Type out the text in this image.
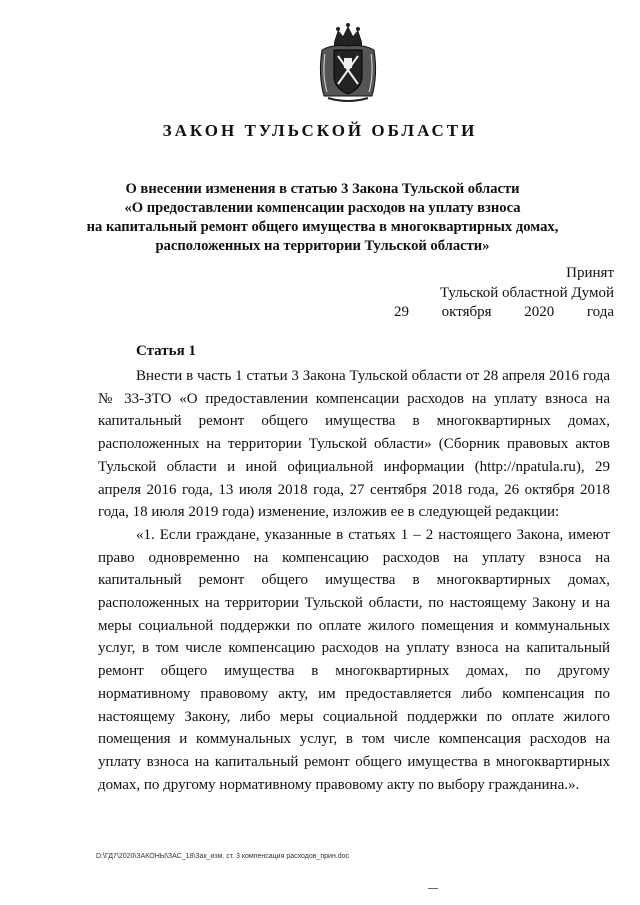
ЗАКОН ТУЛЬСКОЙ ОБЛАСТИ
О внесении изменения в статью 3 Закона Тульской области
«О предоставлении компенсации расходов на уплату взноса
на капитальный ремонт общего имущества в многоквартирных домах,
расположенных на территории Тульской области»
Принят
Тульской областной Думой
29 октября 2020 года
Статья 1

Внести в часть 1 статьи 3 Закона Тульской области от 28 апреля 2016 года № 33-ЗТО «О предоставлении компенсации расходов на уплату взноса на капитальный ремонт общего имущества в многоквартирных домах, расположенных на территории Тульской области» (Сборник правовых актов Тульской области и иной официальной информации (http://npatula.ru), 29 апреля 2016 года, 13 июля 2018 года, 27 сентября 2018 года, 26 октября 2018 года, 18 июля 2019 года) изменение, изложив ее в следующей редакции:

«1. Если граждане, указанные в статьях 1 – 2 настоящего Закона, имеют право одновременно на компенсацию расходов на уплату взноса на капитальный ремонт общего имущества в многоквартирных домах, расположенных на территории Тульской области, по настоящему Закону и на меры социальной поддержки по оплате жилого помещения и коммунальных услуг, в том числе компенсацию расходов на уплату взноса на капитальный ремонт общего имущества в многоквартирных домах, по другому нормативному правовому акту, им предоставляется либо компенсация по настоящему Закону, либо меры социальной поддержки по оплате жилого помещения и коммунальных услуг, в том числе компенсация расходов на уплату взноса на капитальный ремонт общего имущества в многоквартирных домах, по другому нормативному правовому акту по выбору гражданина.».

D:\ГД7\2020\ЗАКОНЫ\ЗАС_18\Зак_изм. ст. 3 компенсация расходов_прин.doc
